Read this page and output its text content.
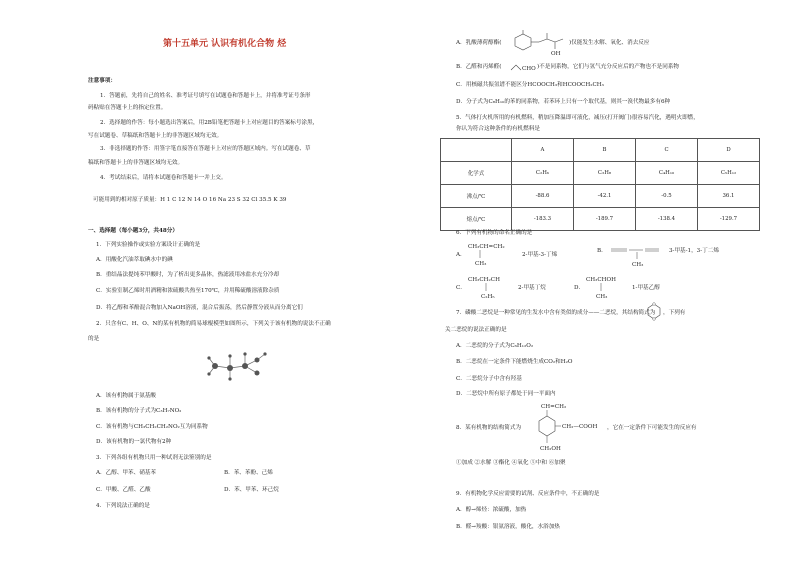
第十五单元 认识有机化合物 烃
注意事项：
1．答题前，先将自己的姓名、准考证号填写在试题卷和答题卡上，并将准考证号条形
码粘贴在答题卡上的指定位置。
2．选择题的作答：每小题选出答案后，用2B铅笔把答题卡上对应题目的答案标号涂黑，
写在试题卷、草稿纸和答题卡上的非答题区域均无效。
3．非选择题的作答：用签字笔直接答在答题卡上对应的答题区域内。写在试题卷、草
稿纸和答题卡上的非答题区域均无效。
4．考试结束后，请将本试题卷和答题卡一并上交。
可能用到的相对原子质量：H 1 C 12 N 14 O 16 Na 23 S 32 Cl 35.5 K 39
一、选择题（每小题3分，共48分）
1．下列实验操作或实验方案设计正确的是
A．用酸化汽油萃取碘水中的碘
B．重结晶法提纯苯甲酸时，为了析出更多晶体，热滤液用冰盐水充分冷却
C．实验室制乙烯时用酒精和浓硫酸共热至170℃，并用稀硫酸溶液除杂质
D．将乙醇和苯酚混合物加入NaOH溶液，混合后振荡，然后静置分液从而分离它们
2．只含有C、H、O、N的某有机物的简易球棍模型如图所示，下列关于该有机物的说法不正确
的是
A．该有机物属于氨基酸
B．该有机物的分子式为C₃H₇NO₂
C．该有机物与CH₃CH₂CH₂NO₂互为同系物
D．该有机物的一氯代物有2种
3．下列各组有机物只用一种试剂无法鉴别的是
A．乙醇、甲苯、硝基苯	B．苯、苯酚、己烯
C．甲酸、乙醛、乙酸	D．苯、甲苯、环己烷
4．下列说法正确的是
A．乳酸薄荷醇酯(
OH
)仅能发生水解、氧化、消去反应
B．乙醛和丙烯醛(	CHO )不是同系物，它们与氢气充分反应后的产物也不是同系物
C．用核磁共振氢谱不能区分HCOOCH₃和HCOOCH₂CH₃
D．分子式为C₈H₁₀的苯的同系物，若苯环上只有一个取代基，则其一溴代物最多有6种
5．气体打火机所用的有机燃料，稍加压降温即可液化，减压(打开阀门)很容易汽化，遇明火即燃，
你认为符合这种条件的有机燃料是
	A	B	C	D
化学式	C₂H₆	C₃H₈	C₄H₁₀	C₅H₁₂
沸点/℃	-88.6	-42.1	-0.5	36.1
熔点/℃	-183.3	-189.7	-138.4	-129.7
6．下列有机物的命名正确的是
A．
CH₃CH=CH₂
CH₃
2-甲基-3-丁烯
B．
CH₃
3-甲基-1，3-丁二烯
C．
CH₃CH₂CH
C₂H₅
2-甲基丁烷	D．
CH₃CHOH
CH₃
1-甲基乙醇
7．磷酸二恶烷是一种常见的生发水中含有类似的成分——二恶烷，其结构简式为 ，下列有
关二恶烷的说法正确的是
A．二恶烷的分子式为C₆H₁₂O₂
B．二恶烷在一定条件下能燃烧生成CO₂和H₂O
C．二恶烷分子中含有羟基
D．二恶烷中所有原子都处于同一平面内
8．某有机物的结构简式为
CH=CH₂
CH₂—COOH
CH₂OH
，它在一定条件下可能发生的反应有
①加成 ②水解 ③酯化 ④氧化 ⑤中和 ⑥加聚
9．有机物化学反应需要的试剂、反应条件中，不正确的是
A．醇→烯烃：浓硫酸，加热
B．醛→羧酸：银氨溶液，酸化，水浴加热
